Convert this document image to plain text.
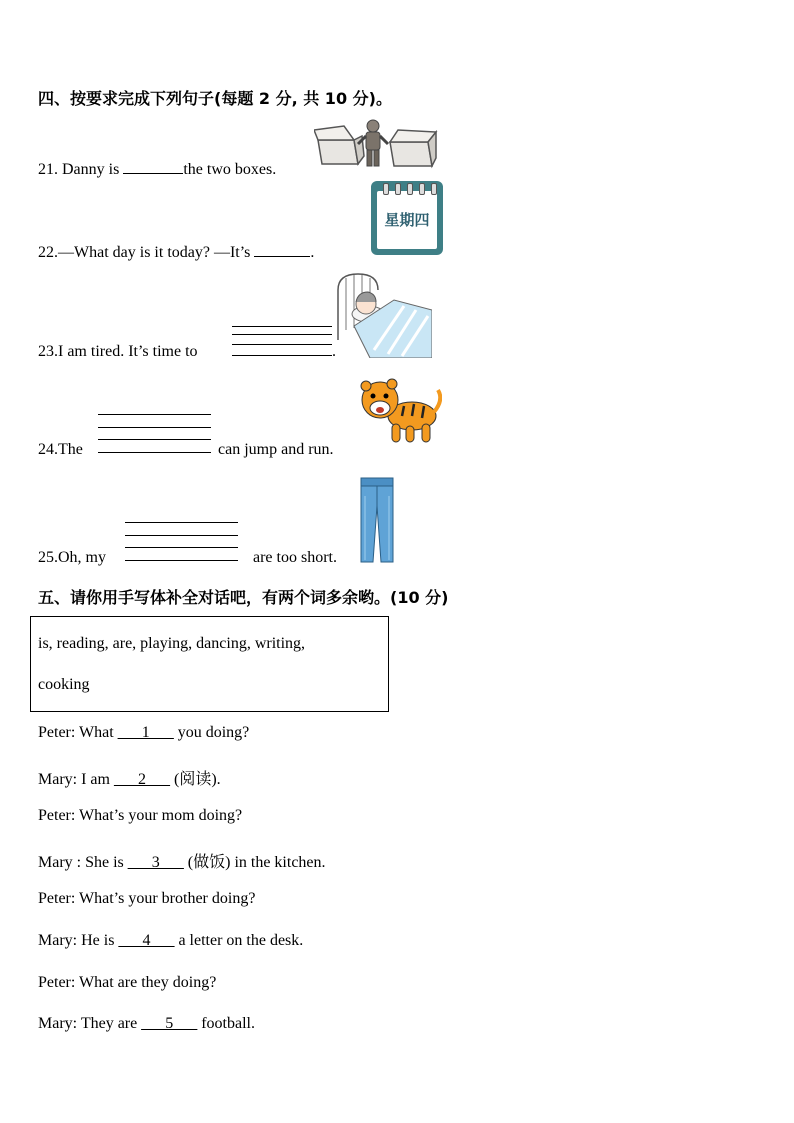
四、按要求完成下列句子(每题 2 分, 共 10 分)。
21. Danny is	the two boxes.
22.—What day is it today? —It’s	.
星期四
23.I am tired. It’s time to	.
24.The	can jump and run.
25.Oh, my	are too short.
五、请你用手写体补全对话吧，有两个词多余哟。(10 分)
is, reading, are, playing, dancing, writing,
cooking
Peter: What ___1___ you doing?
Mary: I am ___2___ (阅读).
Peter: What’s your mom doing?
Mary : She is ___3___ (做饭) in the kitchen.
Peter: What’s your brother doing?
Mary: He is ___4___ a letter on the desk.
Peter: What are they doing?
Mary: They are ___5___ football.
